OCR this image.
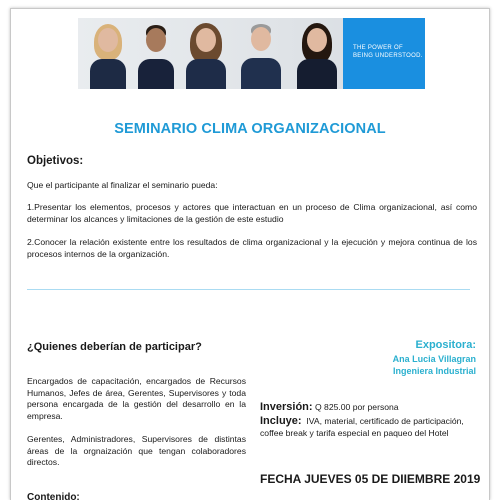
THE POWER OF
BEING UNDERSTOOD.
SEMINARIO CLIMA ORGANIZACIONAL
Objetivos:
Que el participante al finalizar el seminario pueda:
1.Presentar los elementos, procesos y actores que interactuan en un proceso de Clima organizacional, así como determinar los alcances y limitaciones de la gestión de este estudio
2.Conocer la relación existente entre los resultados de clima organizacional y la ejecución y mejora continua de los procesos internos de la organización.
¿Quienes deberían de participar?
Encargados de capacitación, encargados de Recursos Humanos, Jefes de área, Gerentes, Supervisores y toda persona encargada de la gestión del desarrollo en la empresa.
Gerentes, Administradores, Supervisores de distintas áreas de la orgnaización que tengan colaboradores directos.
Contenido:
Expositora:
Ana Lucia Villagran
Ingeniera Industrial
Inversión: Q 825.00 por persona
Incluye: IVA, material, certificado de participación, coffee break y tarifa especial en paqueo del Hotel
FECHA JUEVES 05 DE DIIEMBRE 2019
